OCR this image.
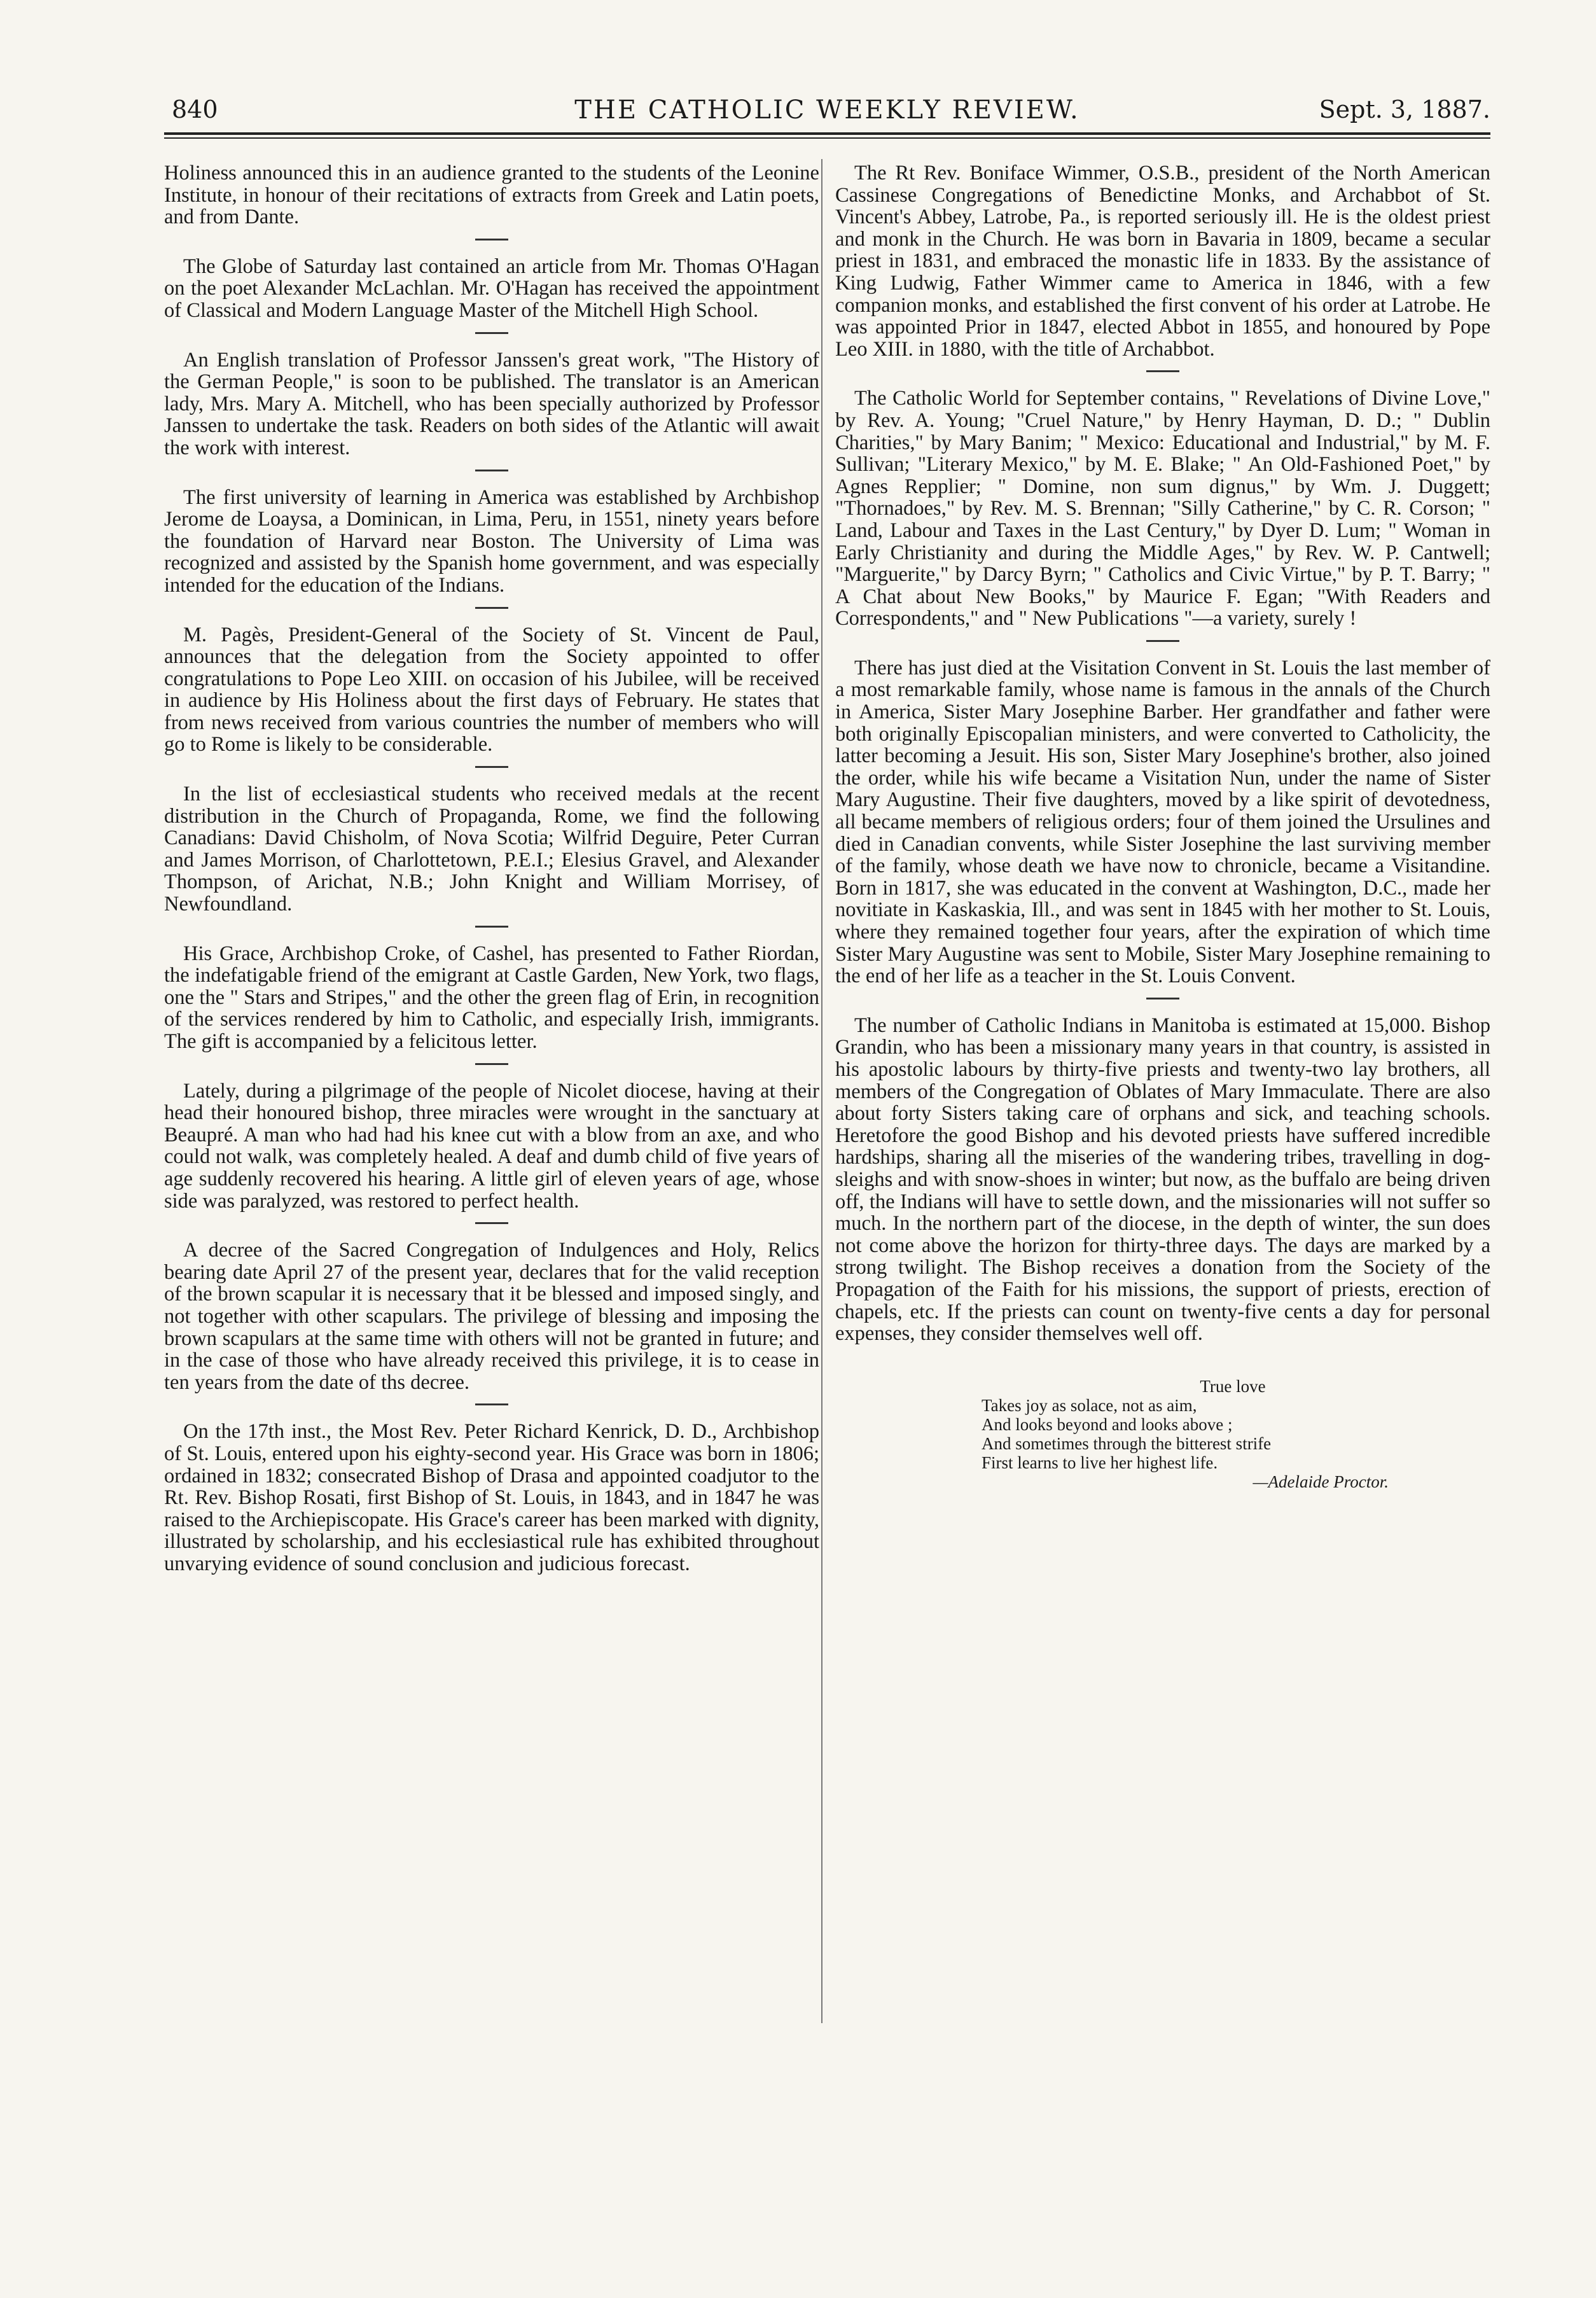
840	THE CATHOLIC WEEKLY REVIEW.	Sept. 3, 1887.

Holiness announced this in an audience granted to the students of the Leonine Institute, in honour of their recitations of extracts from Greek and Latin poets, and from Dante.

The Globe of Saturday last contained an article from Mr. Thomas O'Hagan on the poet Alexander McLachlan. Mr. O'Hagan has received the appointment of Classical and Modern Language Master of the Mitchell High School.

An English translation of Professor Janssen's great work, "The History of the German People," is soon to be published. The translator is an American lady, Mrs. Mary A. Mitchell, who has been specially authorized by Professor Janssen to undertake the task. Readers on both sides of the Atlantic will await the work with interest.

The first university of learning in America was established by Archbishop Jerome de Loaysa, a Dominican, in Lima, Peru, in 1551, ninety years before the foundation of Harvard near Boston. The University of Lima was recognized and assisted by the Spanish home government, and was especially intended for the education of the Indians.

M. Pagès, President-General of the Society of St. Vincent de Paul, announces that the delegation from the Society appointed to offer congratulations to Pope Leo XIII. on occasion of his Jubilee, will be received in audience by His Holiness about the first days of February. He states that from news received from various countries the number of members who will go to Rome is likely to be considerable.

In the list of ecclesiastical students who received medals at the recent distribution in the Church of Propaganda, Rome, we find the following Canadians: David Chisholm, of Nova Scotia; Wilfrid Deguire, Peter Curran and James Morrison, of Charlottetown, P.E.I.; Elesius Gravel, and Alexander Thompson, of Arichat, N.B.; John Knight and William Morrisey, of Newfoundland.

His Grace, Archbishop Croke, of Cashel, has presented to Father Riordan, the indefatigable friend of the emigrant at Castle Garden, New York, two flags, one the " Stars and Stripes," and the other the green flag of Erin, in recognition of the services rendered by him to Catholic, and especially Irish, immigrants. The gift is accompanied by a felicitous letter.

Lately, during a pilgrimage of the people of Nicolet diocese, having at their head their honoured bishop, three miracles were wrought in the sanctuary at Beaupré. A man who had had his knee cut with a blow from an axe, and who could not walk, was completely healed. A deaf and dumb child of five years of age suddenly recovered his hearing. A little girl of eleven years of age, whose side was paralyzed, was restored to perfect health.

A decree of the Sacred Congregation of Indulgences and Holy, Relics bearing date April 27 of the present year, declares that for the valid reception of the brown scapular it is necessary that it be blessed and imposed singly, and not together with other scapulars. The privilege of blessing and imposing the brown scapulars at the same time with others will not be granted in future; and in the case of those who have already received this privilege, it is to cease in ten years from the date of ths decree.

On the 17th inst., the Most Rev. Peter Richard Kenrick, D. D., Archbishop of St. Louis, entered upon his eighty-second year. His Grace was born in 1806; ordained in 1832; consecrated Bishop of Drasa and appointed coadjutor to the Rt. Rev. Bishop Rosati, first Bishop of St. Louis, in 1843, and in 1847 he was raised to the Archiepiscopate. His Grace's career has been marked with dignity, illustrated by scholarship, and his ecclesiastical rule has exhibited throughout unvarying evidence of sound conclusion and judicious forecast.

The Rt Rev. Boniface Wimmer, O.S.B., president of the North American Cassinese Congregations of Benedictine Monks, and Archabbot of St. Vincent's Abbey, Latrobe, Pa., is reported seriously ill. He is the oldest priest and monk in the Church. He was born in Bavaria in 1809, became a secular priest in 1831, and embraced the monastic life in 1833. By the assistance of King Ludwig, Father Wimmer came to America in 1846, with a few companion monks, and established the first convent of his order at Latrobe. He was appointed Prior in 1847, elected Abbot in 1855, and honoured by Pope Leo XIII. in 1880, with the title of Archabbot.

The Catholic World for September contains, " Revelations of Divine Love," by Rev. A. Young; "Cruel Nature," by Henry Hayman, D. D.; " Dublin Charities," by Mary Banim; " Mexico: Educational and Industrial," by M. F. Sullivan; "Literary Mexico," by M. E. Blake; " An Old-Fashioned Poet," by Agnes Repplier; " Domine, non sum dignus," by Wm. J. Duggett; "Thornadoes," by Rev. M. S. Brennan; "Silly Catherine," by C. R. Corson; " Land, Labour and Taxes in the Last Century," by Dyer D. Lum; " Woman in Early Christianity and during the Middle Ages," by Rev. W. P. Cantwell; "Marguerite," by Darcy Byrn; " Catholics and Civic Virtue," by P. T. Barry; " A Chat about New Books," by Maurice F. Egan; "With Readers and Correspondents," and " New Publications "—a variety, surely !

There has just died at the Visitation Convent in St. Louis the last member of a most remarkable family, whose name is famous in the annals of the Church in America, Sister Mary Josephine Barber. Her grandfather and father were both originally Episcopalian ministers, and were converted to Catholicity, the latter becoming a Jesuit. His son, Sister Mary Josephine's brother, also joined the order, while his wife became a Visitation Nun, under the name of Sister Mary Augustine. Their five daughters, moved by a like spirit of devotedness, all became members of religious orders; four of them joined the Ursulines and died in Canadian convents, while Sister Josephine the last surviving member of the family, whose death we have now to chronicle, became a Visitandine. Born in 1817, she was educated in the convent at Washington, D.C., made her novitiate in Kaskaskia, Ill., and was sent in 1845 with her mother to St. Louis, where they remained together four years, after the expiration of which time Sister Mary Augustine was sent to Mobile, Sister Mary Josephine remaining to the end of her life as a teacher in the St. Louis Convent.

The number of Catholic Indians in Manitoba is estimated at 15,000. Bishop Grandin, who has been a missionary many years in that country, is assisted in his apostolic labours by thirty-five priests and twenty-two lay brothers, all members of the Congregation of Oblates of Mary Immaculate. There are also about forty Sisters taking care of orphans and sick, and teaching schools. Heretofore the good Bishop and his devoted priests have suffered incredible hardships, sharing all the miseries of the wandering tribes, travelling in dog-sleighs and with snow-shoes in winter; but now, as the buffalo are being driven off, the Indians will have to settle down, and the missionaries will not suffer so much. In the northern part of the diocese, in the depth of winter, the sun does not come above the horizon for thirty-three days. The days are marked by a strong twilight. The Bishop receives a donation from the Society of the Propagation of the Faith for his missions, the support of priests, erection of chapels, etc. If the priests can count on twenty-five cents a day for personal expenses, they consider themselves well off.

True love
Takes joy as solace, not as aim,
And looks beyond and looks above ;
And sometimes through the bitterest strife
First learns to live her highest life.
—Adelaide Proctor.
